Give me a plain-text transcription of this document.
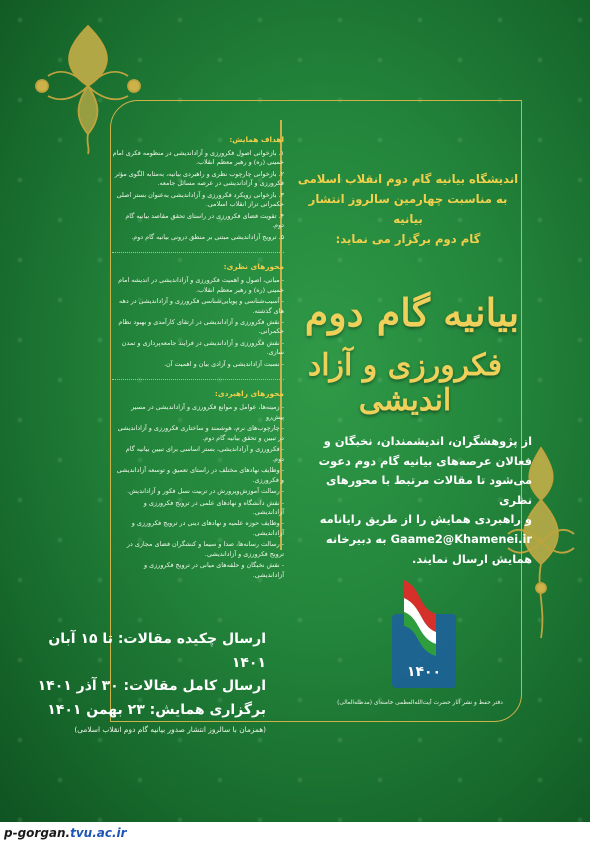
اهداف همایش:
۱. بازخوانی اصول فکرورزی و آزاداندیشی در منظومه فکری امام خمینی (ره) و رهبر معظم انقلاب.
۲. بازخوانی چارچوب نظری و راهبردی بیانیه، به‌مثابه الگوی مؤثر فکرورزی و آزاداندیشی در عرصه مسائل جامعه.
۳. بازخوانی رویکرد فکرورزی و آزاداندیشی به‌عنوان بستر اصلی حکمرانی تراز انقلاب اسلامی.
۴. تقویت فضای فکرورزی در راستای تحقق مقاصد بیانیه گام دوم.
۵. ترویج آزاداندیشی مبتنی بر منطق درونی بیانیه گام دوم.
محورهای نظری:
- مبانی، اصول و اهمیت فکرورزی و آزاداندیشی در اندیشه امام خمینی (ره) و رهبر معظم انقلاب.
- آسیب‌شناسی و پویایی‌شناسی فکرورزی و آزاداندیشی در دهه های گذشته.
- نقش فکرورزی و آزاداندیشی در ارتقای کارآمدی و بهبود نظام حکمرانی.
- نقش فکرورزی و آزاداندیشی در فرایند جامعه‌پردازی و تمدن سازی.
- نسبت آزاداندیشی و آزادی بیان و اهمیت آن.
محورهای راهبردی:
- زمینه‌ها، عوامل و موانع فکرورزی و آزاداندیشی در مسیر پیش‌رو
- چارچوب‌های نرم، هوشمند و ساختاری فکرورزی و آزاداندیشی در تبیین و تحقق بیانیه گام دوم.
- فکرورزی و آزاداندیشی، بستر اساسی برای تبیین بیانیه گام دوم.
- وظایف نهادهای مختلف در راستای تعمیق و توسعه آزاداندیشی و فکرورزی.
- رسالت آموزش‌وپرورش در تربیت نسل فکور و آزاداندیش.
- نقش دانشگاه و نهادهای علمی در ترویج فکرورزی و آزاداندیشی.
- وظایف حوزه علمیه و نهادهای دینی در ترویج فکرورزی و آزاداندیشی.
- رسالت رسانه‌ها، صدا و سیما و کنشگران فضای مجازی در ترویج فکرورزی و آزاداندیشی.
- نقش نخبگان و حلقه‌های میانی در ترویج فکرورزی و آزاداندیشی.
اندیشگاه بیانیه گام دوم انقلاب اسلامی
به مناسبت چهارمین سالروز انتشار بیانیه
گام دوم برگزار می نماید:
بیانیه گام دوم
فکرورزی و آزاد اندیشی
از پژوهشگران، اندیشمندان، نخبگان و
فعالان عرصه‌های بیانیه گام دوم دعوت
می‌شود تا مقالات مرتبط با محورهای نظری
و راهبردی همایش را از طریق رایانامه
Gaame2@Khamenei.ir به دبیرخانه
همایش ارسال نمایند.
۱۴۰۰
دفتر حفظ و نشر آثار حضرت آیت‌الله‌العظمی خامنه‌ای (مدظله‌العالی)
ارسال چکیده مقالات: تا ۱۵ آبان ۱۴۰۱
ارسال کامل مقالات: ۳۰ آذر ۱۴۰۱
برگزاری همایش: ۲۳ بهمن ۱۴۰۱
(همزمان با سالروز انتشار صدور بیانیه گام دوم انقلاب اسلامی)
p-gorgan.tvu.ac.ir
